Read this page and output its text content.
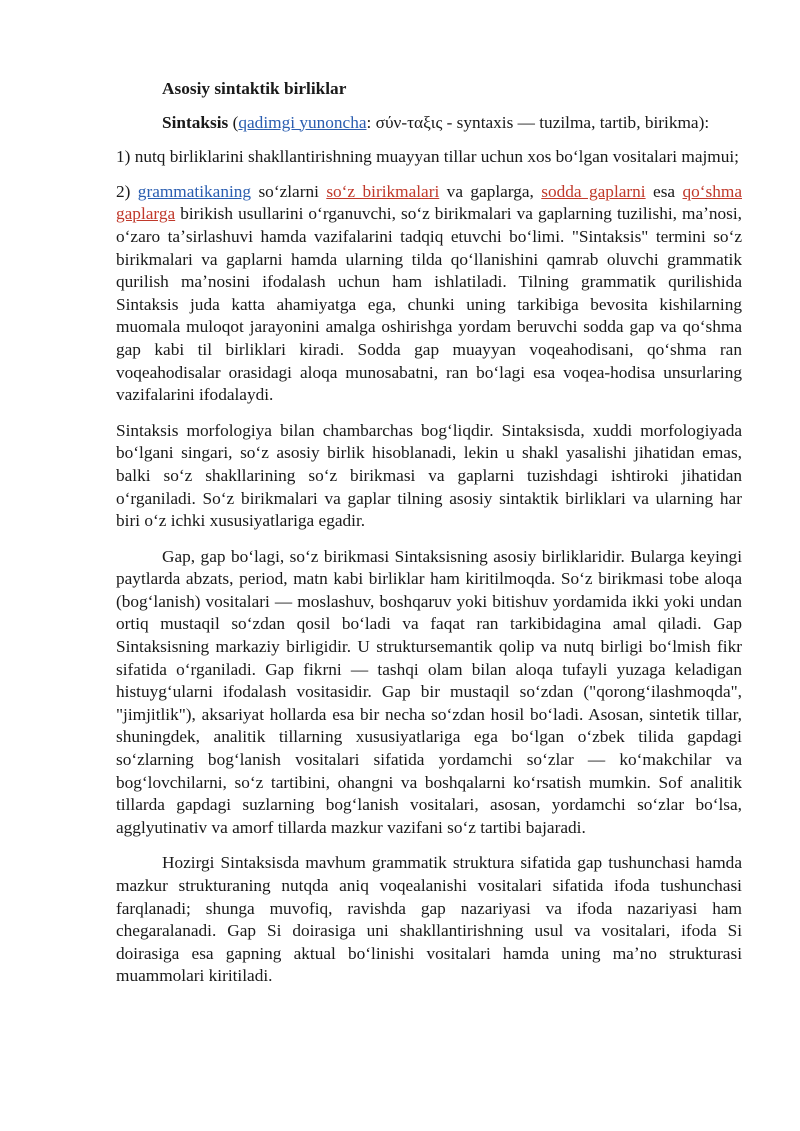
Asosiy sintaktik birliklar

Sintaksis (qadimgi yunoncha: σύν-ταξις - syntaxis — tuzilma, tartib, birikma):

1) nutq birliklarini shakllantirishning muayyan tillar uchun xos boʻlgan vositalari majmui;

2) grammatikaning soʻzlarni soʻz birikmalari va gaplarga, sodda gaplarni esa qoʻshma gaplarga birikish usullarini oʻrganuvchi, soʻz birikmalari va gaplarning tuzilishi, maʼnosi, oʻzaro taʼsirlashuvi hamda vazifalarini tadqiq etuvchi boʻlimi. "Sintaksis" termini soʻz birikmalari va gaplarni hamda ularning tilda qoʻllanishini qamrab oluvchi grammatik qurilish maʼnosini ifodalash uchun ham ishlatiladi. Tilning grammatik qurilishida Sintaksis juda katta ahamiyatga ega, chunki uning tarkibiga bevosita kishilarning muomala muloqot jarayonini amalga oshirishga yordam beruvchi sodda gap va qoʻshma gap kabi til birliklari kiradi. Sodda gap muayyan voqeahodisani, qoʻshma ran voqeahodisalar orasidagi aloqa munosabatni, ran boʻlagi esa voqea-hodisa unsurlaring vazifalarini ifodalaydi.

Sintaksis morfologiya bilan chambarchas bogʻliqdir. Sintaksisda, xuddi morfologiyada boʻlgani singari, soʻz asosiy birlik hisoblanadi, lekin u shakl yasalishi jihatidan emas, balki soʻz shakllarining soʻz birikmasi va gaplarni tuzishdagi ishtiroki jihatidan oʻrganiladi. Soʻz birikmalari va gaplar tilning asosiy sintaktik birliklari va ularning har biri oʻz ichki xususiyatlariga egadir.

Gap, gap boʻlagi, soʻz birikmasi Sintaksisning asosiy birliklaridir. Bularga keyingi paytlarda abzats, period, matn kabi birliklar ham kiritilmoqda. Soʻz birikmasi tobe aloqa (bogʻlanish) vositalari — moslashuv, boshqaruv yoki bitishuv yordamida ikki yoki undan ortiq mustaqil soʻzdan qosil boʻladi va faqat ran tarkibidagina amal qiladi. Gap Sintaksisning markaziy birligidir. U struktursemantik qolip va nutq birligi boʻlmish fikr sifatida oʻrganiladi. Gap fikrni — tashqi olam bilan aloqa tufayli yuzaga keladigan histuygʻularni ifodalash vositasidir. Gap bir mustaqil soʻzdan ("qorongʻilashmoqda", "jimjitlik"), aksariyat hollarda esa bir necha soʻzdan hosil boʻladi. Asosan, sintetik tillar, shuningdek, analitik tillarning xususiyatlariga ega boʻlgan oʻzbek tilida gapdagi soʻzlarning bogʻlanish vositalari sifatida yordamchi soʻzlar — koʻmakchilar va bogʻlovchilarni, soʻz tartibini, ohangni va boshqalarni koʻrsatish mumkin. Sof analitik tillarda gapdagi suzlarning bogʻlanish vositalari, asosan, yordamchi soʻzlar boʻlsa, agglyutinativ va amorf tillarda mazkur vazifani soʻz tartibi bajaradi.

Hozirgi Sintaksisda mavhum grammatik struktura sifatida gap tushunchasi hamda mazkur strukturaning nutqda aniq voqealanishi vositalari sifatida ifoda tushunchasi farqlanadi; shunga muvofiq, ravishda gap nazariyasi va ifoda nazariyasi ham chegaralanadi. Gap Si doirasiga uni shakllantirishning usul va vositalari, ifoda Si doirasiga esa gapning aktual boʻlinishi vositalari hamda uning maʼno strukturasi muammolari kiritiladi.
